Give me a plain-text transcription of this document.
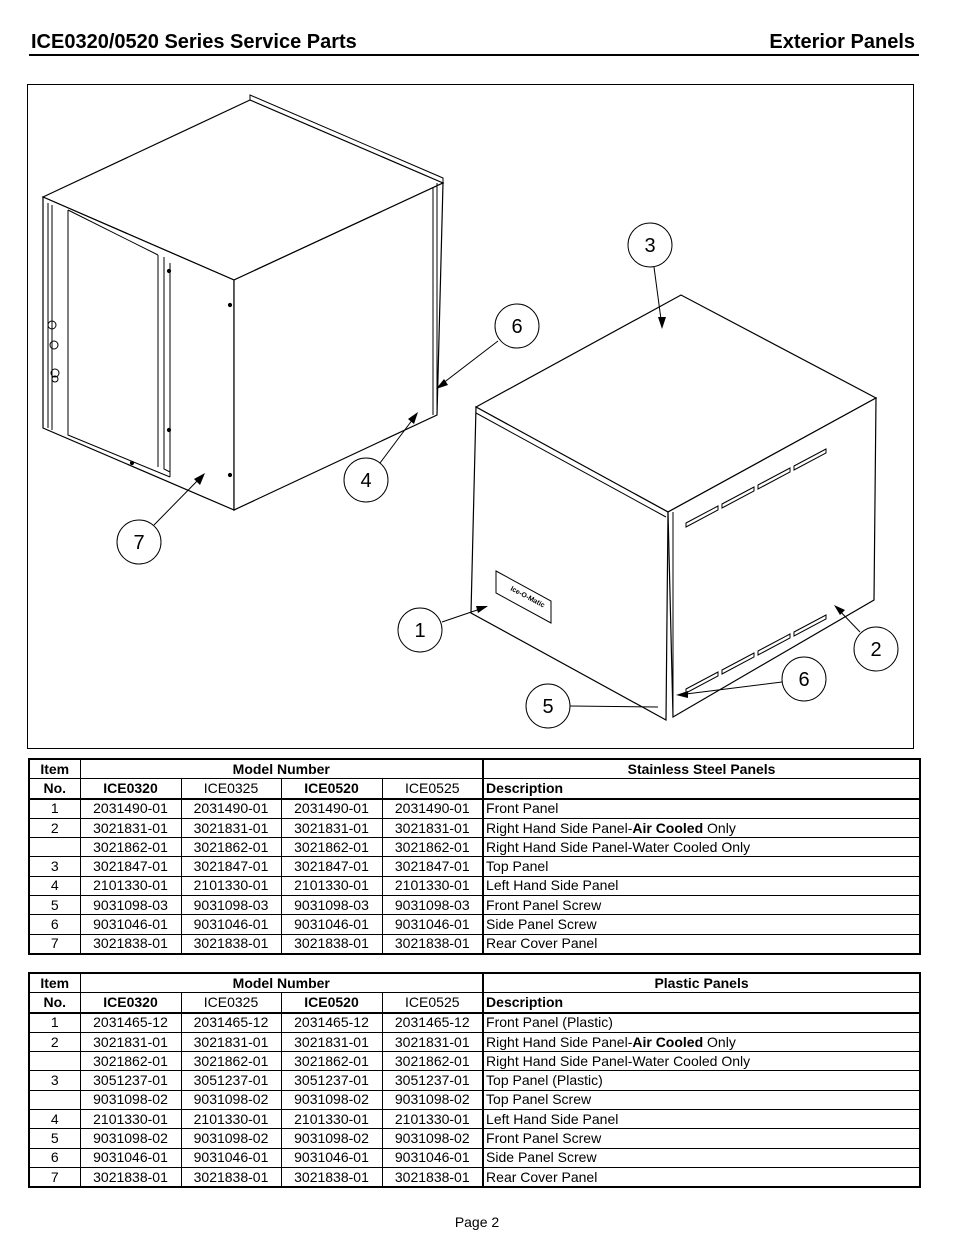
ICE0320/0520 Series Service Parts	Exterior Panels
Ice-O-Matic
3
6
4
7
1
2
6
5
Item	Model Number				Stainless Steel Panels
No.	ICE0320	ICE0325	ICE0520	ICE0525	Description
1	2031490-01	2031490-01	2031490-01	2031490-01	Front Panel
2	3021831-01	3021831-01	3021831-01	3021831-01	Right Hand Side Panel-Air Cooled Only
	3021862-01	3021862-01	3021862-01	3021862-01	Right Hand Side Panel-Water Cooled Only
3	3021847-01	3021847-01	3021847-01	3021847-01	Top Panel
4	2101330-01	2101330-01	2101330-01	2101330-01	Left Hand Side Panel
5	9031098-03	9031098-03	9031098-03	9031098-03	Front Panel Screw
6	9031046-01	9031046-01	9031046-01	9031046-01	Side Panel Screw
7	3021838-01	3021838-01	3021838-01	3021838-01	Rear Cover Panel
Item	Model Number				Plastic Panels
No.	ICE0320	ICE0325	ICE0520	ICE0525	Description
1	2031465-12	2031465-12	2031465-12	2031465-12	Front Panel (Plastic)
2	3021831-01	3021831-01	3021831-01	3021831-01	Right Hand Side Panel-Air Cooled Only
	3021862-01	3021862-01	3021862-01	3021862-01	Right Hand Side Panel-Water Cooled Only
3	3051237-01	3051237-01	3051237-01	3051237-01	Top Panel (Plastic)
	9031098-02	9031098-02	9031098-02	9031098-02	Top Panel Screw
4	2101330-01	2101330-01	2101330-01	2101330-01	Left Hand Side Panel
5	9031098-02	9031098-02	9031098-02	9031098-02	Front Panel Screw
6	9031046-01	9031046-01	9031046-01	9031046-01	Side Panel Screw
7	3021838-01	3021838-01	3021838-01	3021838-01	Rear Cover Panel
Page 2
